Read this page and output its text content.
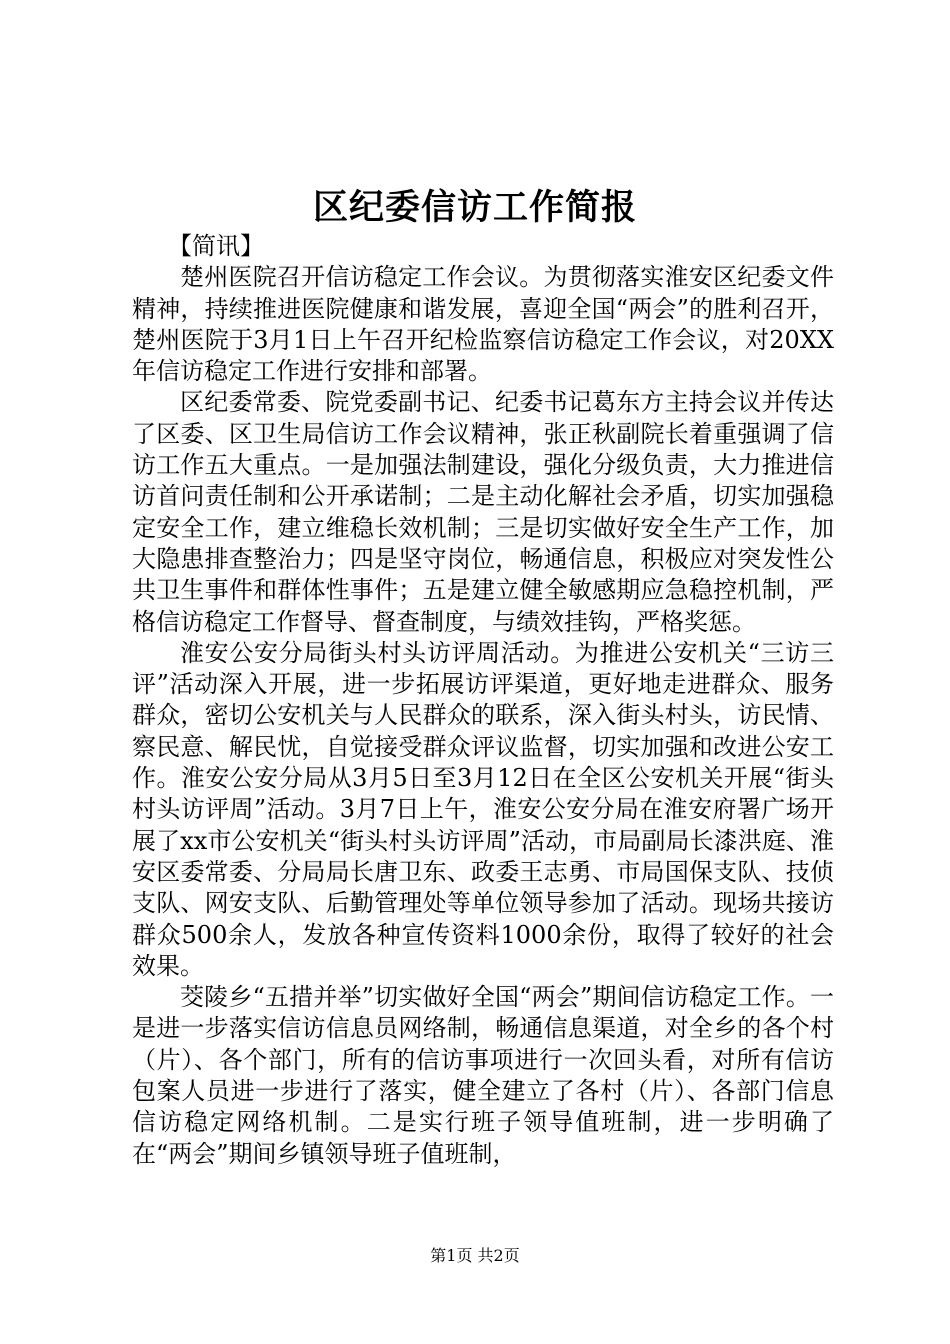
区纪委信访工作简报

【简讯】

楚州医院召开信访稳定工作会议。为贯彻落实淮安区纪委文件精神，持续推进医院健康和谐发展，喜迎全国“两会”的胜利召开，楚州医院于3月1日上午召开纪检监察信访稳定工作会议，对20XX年信访稳定工作进行安排和部署。

区纪委常委、院党委副书记、纪委书记葛东方主持会议并传达了区委、区卫生局信访工作会议精神，张正秋副院长着重强调了信访工作五大重点。一是加强法制建设，强化分级负责，大力推进信访首问责任制和公开承诺制；二是主动化解社会矛盾，切实加强稳定安全工作，建立维稳长效机制；三是切实做好安全生产工作，加大隐患排查整治力；四是坚守岗位，畅通信息，积极应对突发性公共卫生事件和群体性事件；五是建立健全敏感期应急稳控机制，严格信访稳定工作督导、督查制度，与绩效挂钩，严格奖惩。

淮安公安分局街头村头访评周活动。为推进公安机关“三访三评”活动深入开展，进一步拓展访评渠道，更好地走进群众、服务群众，密切公安机关与人民群众的联系，深入街头村头，访民情、察民意、解民忧，自觉接受群众评议监督，切实加强和改进公安工作。淮安公安分局从3月5日至3月12日在全区公安机关开展“街头村头访评周”活动。3月7日上午，淮安公安分局在淮安府署广场开展了xx市公安机关“街头村头访评周”活动，市局副局长漆洪庭、淮安区委常委、分局局长唐卫东、政委王志勇、市局国保支队、技侦支队、网安支队、后勤管理处等单位领导参加了活动。现场共接访群众500余人，发放各种宣传资料1000余份，取得了较好的社会效果。

茭陵乡“五措并举”切实做好全国“两会”期间信访稳定工作。一是进一步落实信访信息员网络制，畅通信息渠道，对全乡的各个村（片）、各个部门，所有的信访事项进行一次回头看，对所有信访包案人员进一步进行了落实，健全建立了各村（片）、各部门信息信访稳定网络机制。二是实行班子领导值班制，进一步明确了在“两会”期间乡镇领导班子值班制，

第1页 共2页
